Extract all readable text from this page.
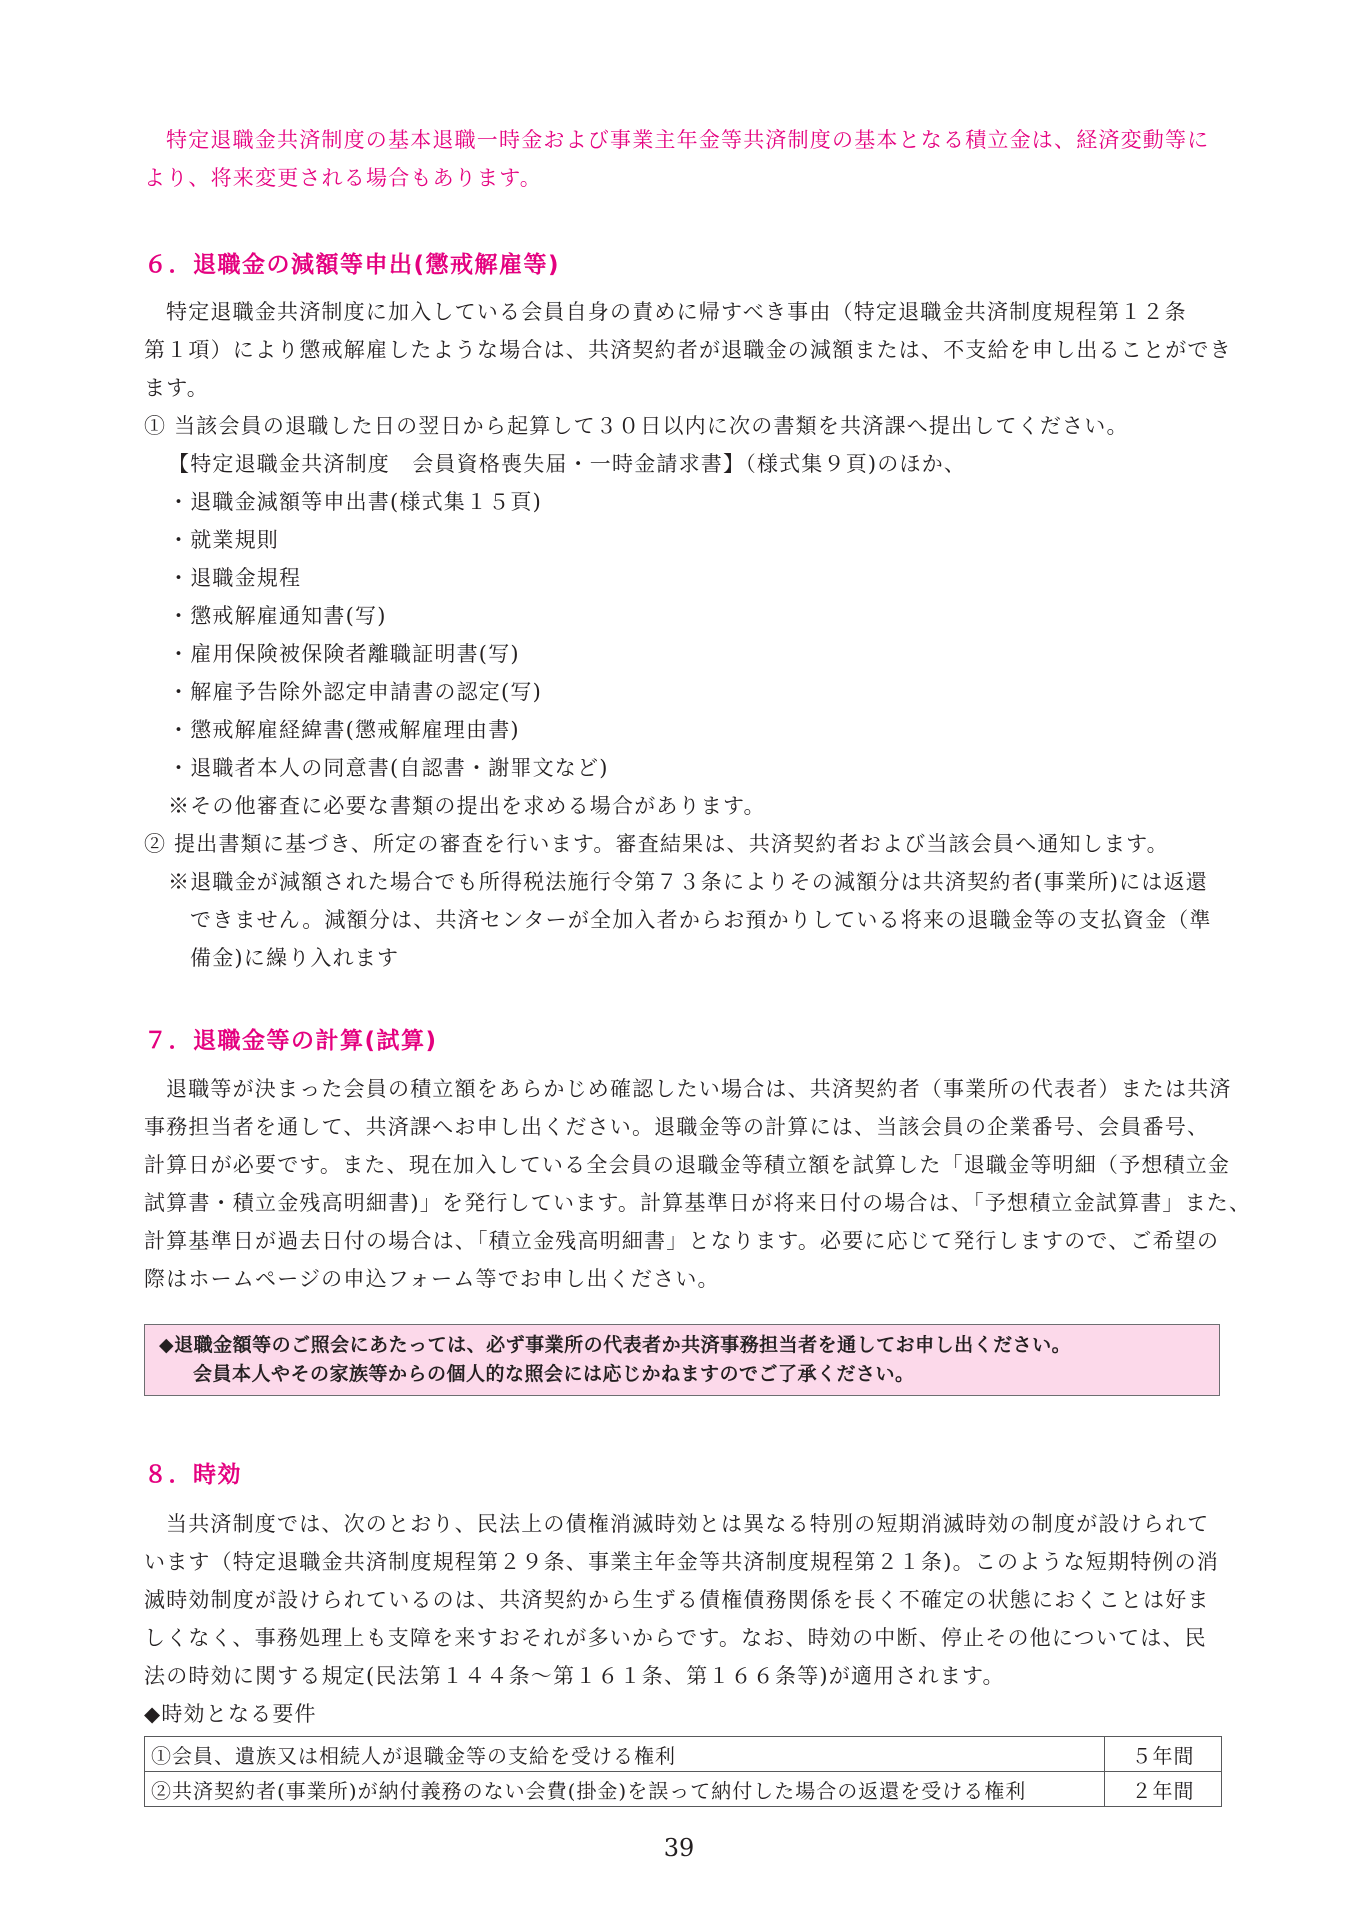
特定退職金共済制度の基本退職一時金および事業主年金等共済制度の基本となる積立金は、経済変動等に

より、将来変更される場合もあります。

６．退職金の減額等申出(懲戒解雇等)

特定退職金共済制度に加入している会員自身の責めに帰すべき事由（特定退職金共済制度規程第１２条

第１項）により懲戒解雇したような場合は、共済契約者が退職金の減額または、不支給を申し出ることができ

ます。

① 当該会員の退職した日の翌日から起算して３０日以内に次の書類を共済課へ提出してください。

【特定退職金共済制度　会員資格喪失届・一時金請求書】（様式集９頁)のほか、

・退職金減額等申出書(様式集１５頁)

・就業規則

・退職金規程

・懲戒解雇通知書(写)

・雇用保険被保険者離職証明書(写)

・解雇予告除外認定申請書の認定(写)

・懲戒解雇経緯書(懲戒解雇理由書)

・退職者本人の同意書(自認書・謝罪文など)

※その他審査に必要な書類の提出を求める場合があります。

② 提出書類に基づき、所定の審査を行います。審査結果は、共済契約者および当該会員へ通知します。

※退職金が減額された場合でも所得税法施行令第７３条によりその減額分は共済契約者(事業所)には返還

できません。減額分は、共済センターが全加入者からお預かりしている将来の退職金等の支払資金（準

備金)に繰り入れます

７．退職金等の計算(試算)

退職等が決まった会員の積立額をあらかじめ確認したい場合は、共済契約者（事業所の代表者）または共済

事務担当者を通して、共済課へお申し出ください。退職金等の計算には、当該会員の企業番号、会員番号、

計算日が必要です。また、現在加入している全会員の退職金等積立額を試算した「退職金等明細（予想積立金

試算書・積立金残高明細書)」を発行しています。計算基準日が将来日付の場合は、「予想積立金試算書」また、

計算基準日が過去日付の場合は、「積立金残高明細書」となります。必要に応じて発行しますので、ご希望の

際はホームページの申込フォーム等でお申し出ください。

◆退職金額等のご照会にあたっては、必ず事業所の代表者か共済事務担当者を通してお申し出ください。

会員本人やその家族等からの個人的な照会には応じかねますのでご了承ください。

８．時効

当共済制度では、次のとおり、民法上の債権消滅時効とは異なる特別の短期消滅時効の制度が設けられて

います（特定退職金共済制度規程第２９条、事業主年金等共済制度規程第２１条)。このような短期特例の消

滅時効制度が設けられているのは、共済契約から生ずる債権債務関係を長く不確定の状態におくことは好ま

しくなく、事務処理上も支障を来すおそれが多いからです。なお、時効の中断、停止その他については、民

法の時効に関する規定(民法第１４４条～第１６１条、第１６６条等)が適用されます。

◆時効となる要件

①会員、遺族又は相続人が退職金等の支給を受ける権利	５年間
②共済契約者(事業所)が納付義務のない会費(掛金)を誤って納付した場合の返還を受ける権利	２年間

39
